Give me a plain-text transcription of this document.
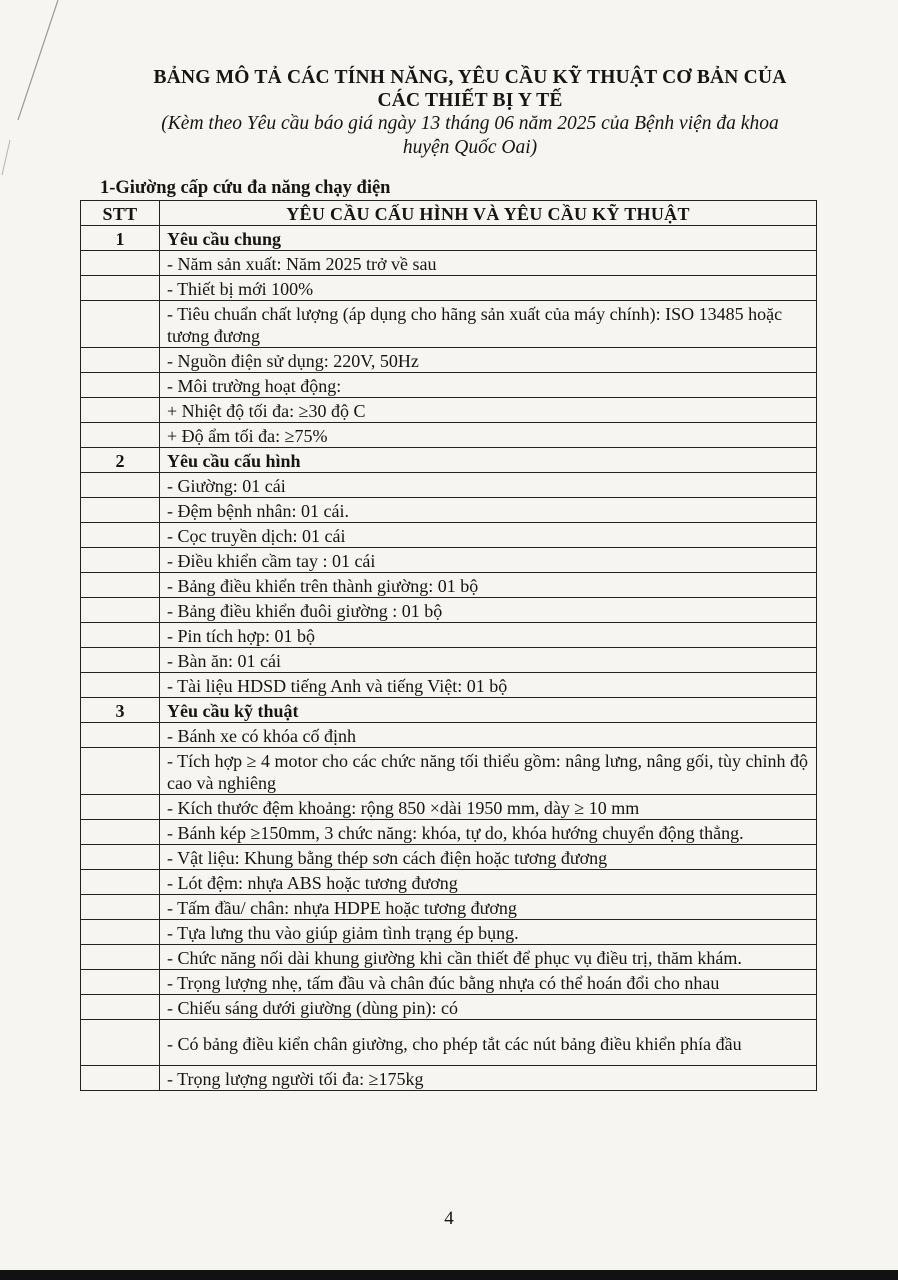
BẢNG MÔ TẢ CÁC TÍNH NĂNG, YÊU CẦU KỸ THUẬT CƠ BẢN CỦA
CÁC THIẾT BỊ Y TẾ
(Kèm theo Yêu cầu báo giá ngày 13 tháng 06 năm 2025 của Bệnh viện đa khoa
huyện Quốc Oai)
1-Giường cấp cứu đa năng chạy điện
STT	YÊU CẦU CẤU HÌNH VÀ YÊU CẦU KỸ THUẬT
1	Yêu cầu chung
	- Năm sản xuất: Năm 2025 trở về sau
	- Thiết bị mới 100%
	- Tiêu chuẩn chất lượng (áp dụng cho hãng sản xuất của máy chính): ISO 13485 hoặc tương đương
	- Nguồn điện sử dụng: 220V, 50Hz
	- Môi trường hoạt động:
	+ Nhiệt độ tối đa: ≥30 độ C
	+ Độ ẩm tối đa: ≥75%
2	Yêu cầu cấu hình
	- Giường: 01 cái
	- Đệm bệnh nhân: 01 cái.
	- Cọc truyền dịch: 01 cái
	- Điều khiển cầm tay : 01 cái
	- Bảng điều khiển trên thành giường: 01 bộ
	- Bảng điều khiển đuôi giường : 01 bộ
	- Pin tích hợp: 01 bộ
	- Bàn ăn: 01 cái
	- Tài liệu HDSD tiếng Anh và tiếng Việt: 01 bộ
3	Yêu cầu kỹ thuật
	- Bánh xe có khóa cố định
	- Tích hợp ≥ 4 motor cho các chức năng tối thiểu gồm: nâng lưng, nâng gối, tùy chỉnh độ cao và nghiêng
	- Kích thước đệm khoảng: rộng 850 ×dài 1950 mm, dày ≥ 10 mm
	- Bánh kép ≥150mm, 3 chức năng: khóa, tự do, khóa hướng chuyển động thẳng.
	- Vật liệu: Khung bằng thép sơn cách điện hoặc tương đương
	- Lót đệm: nhựa ABS hoặc tương đương
	- Tấm đầu/ chân: nhựa HDPE hoặc tương đương
	- Tựa lưng thu vào giúp giảm tình trạng ép bụng.
	- Chức năng nối dài khung giường khi cần thiết để phục vụ điều trị, thăm khám.
	- Trọng lượng nhẹ, tấm đầu và chân đúc bằng nhựa có thể hoán đổi cho nhau
	- Chiếu sáng dưới giường (dùng pin): có
	- Có bảng điều kiển chân giường, cho phép tắt các nút bảng điều khiển phía đầu
	- Trọng lượng người tối đa: ≥175kg
4
